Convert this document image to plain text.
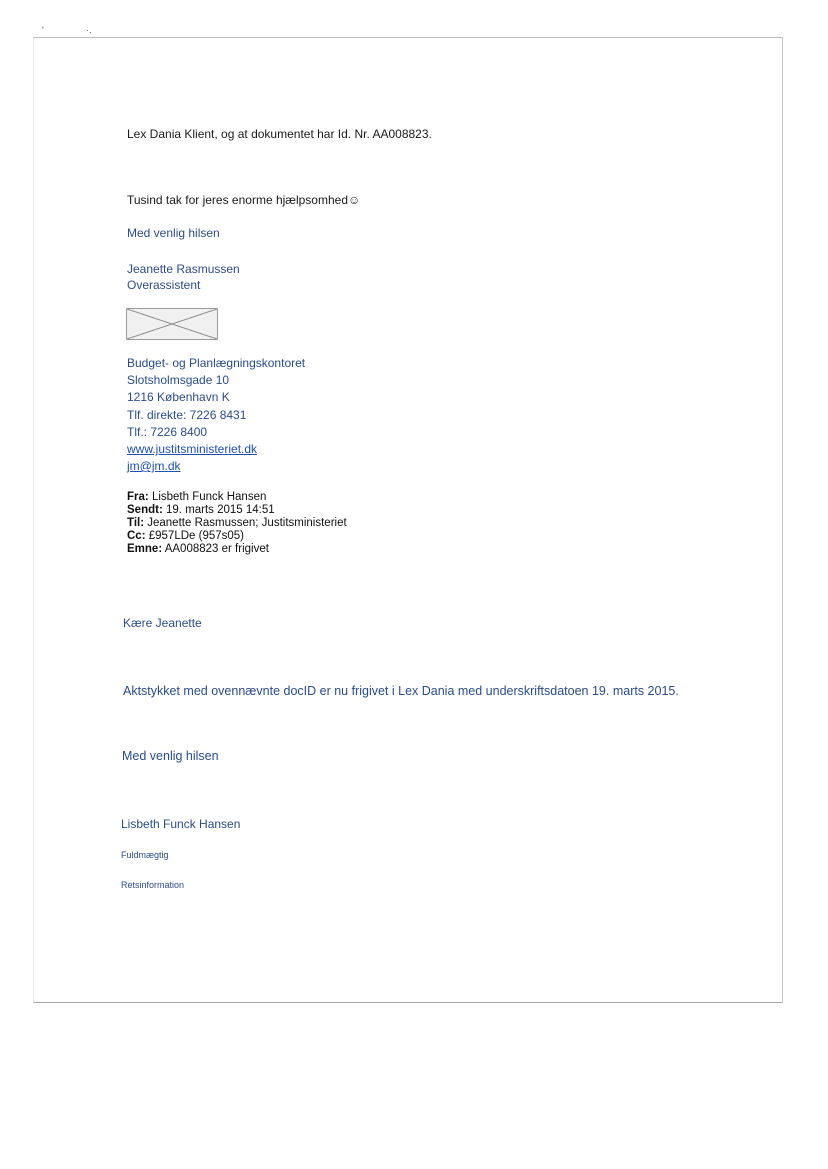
'	·.
Lex Dania Klient, og at dokumentet har Id. Nr. AA008823.
Tusind tak for jeres enorme hjælpsomhed☺
Med venlig hilsen
Jeanette Rasmussen
Overassistent
Budget- og Planlægningskontoret
Slotsholmsgade 10
1216 København K
Tlf. direkte: 7226 8431
Tlf.: 7226 8400
www.justitsministeriet.dk
jm@jm.dk
Fra: Lisbeth Funck Hansen
Sendt: 19. marts 2015 14:51
Til: Jeanette Rasmussen; Justitsministeriet
Cc: £957LDe (957s05)
Emne: AA008823 er frigivet
Kære Jeanette
Aktstykket med ovennævnte docID er nu frigivet i Lex Dania med underskriftsdatoen 19. marts 2015.
Med venlig hilsen
Lisbeth Funck Hansen
Fuldmægtig
Retsinformation
